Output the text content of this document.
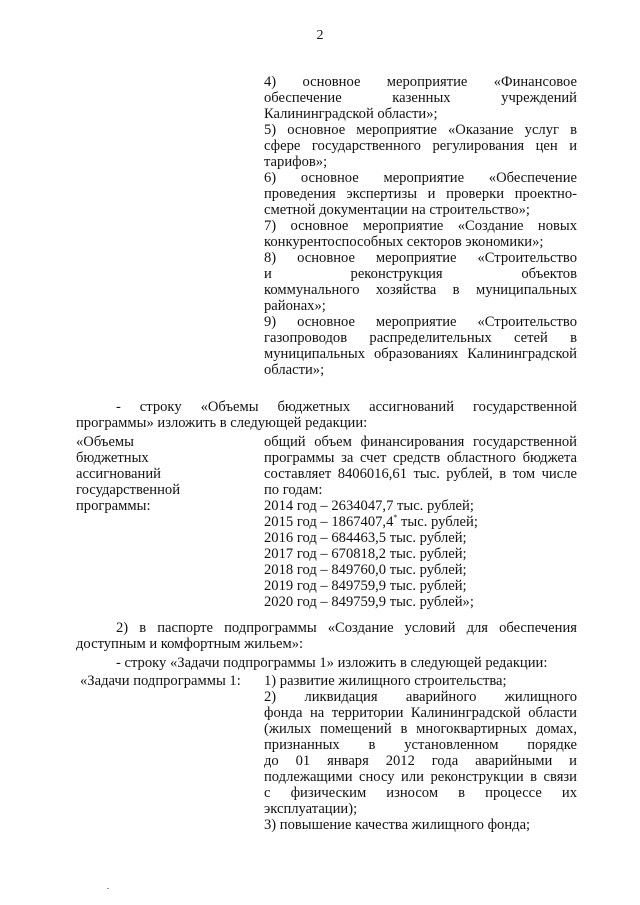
2
4) основное мероприятие «Финансовое
обеспечение казенных учреждений
Калининградской области»;
5) основное мероприятие «Оказание услуг в
сфере государственного регулирования цен и
тарифов»;
6) основное мероприятие «Обеспечение
проведения экспертизы и проверки проектно-
сметной документации на строительство»;
7) основное мероприятие «Создание новых
конкурентоспособных секторов экономики»;
8) основное мероприятие «Строительство
и реконструкция объектов
коммунального хозяйства в муниципальных
районах»;
9) основное мероприятие «Строительство
газопроводов распределительных сетей в
муниципальных образованиях Калининградской
области»;
- строку «Объемы бюджетных ассигнований государственной
программы» изложить в следующей редакции:
«Объемы
бюджетных
ассигнований
государственной
программы:
общий объем финансирования государственной
программы за счет средств областного бюджета
составляет 8406016,61 тыс. рублей, в том числе
по годам:
2014 год – 2634047,7 тыс. рублей;
2015 год – 1867407,4* тыс. рублей;
2016 год – 684463,5 тыс. рублей;
2017 год – 670818,2 тыс. рублей;
2018 год – 849760,0 тыс. рублей;
2019 год – 849759,9 тыс. рублей;
2020 год – 849759,9 тыс. рублей»;
2) в паспорте подпрограммы «Создание условий для обеспечения
доступным и комфортным жильем»:
- строку «Задачи подпрограммы 1» изложить в следующей редакции:
«Задачи подпрограммы 1:	1) развитие жилищного строительства;
2) ликвидация аварийного жилищного
фонда на территории Калининградской области
(жилых помещений в многоквартирных домах,
признанных в установленном порядке
до 01 января 2012 года аварийными и
подлежащими сносу или реконструкции в связи
с физическим износом в процессе их
эксплуатации);
3) повышение качества жилищного фонда;
